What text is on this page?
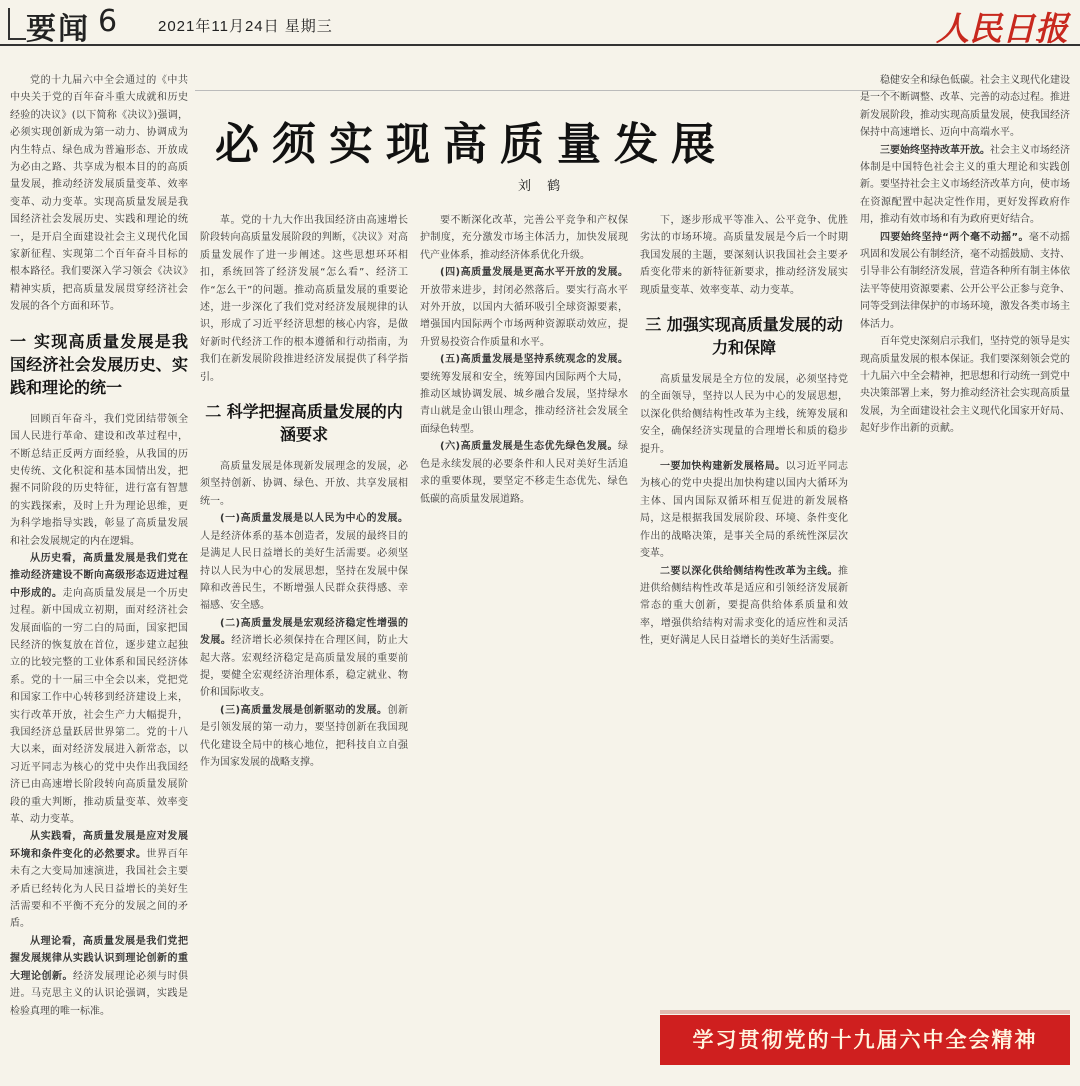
要闻 6	2021年11月24日 星期三	人民日报
必须实现高质量发展
刘 鹤

党的十九届六中全会通过的《中共中央关于党的百年奋斗重大成就和历史经验的决议》(以下简称《决议》)强调，必须实现创新成为第一动力、协调成为内生特点、绿色成为普遍形态、开放成为必由之路、共享成为根本目的的高质量发展，推动经济发展质量变革、效率变革、动力变革。实现高质量发展是我国经济社会发展历史、实践和理论的统一，是开启全面建设社会主义现代化国家新征程、实现第二个百年奋斗目标的根本路径。我们要深入学习领会《决议》精神实质，把高质量发展贯穿经济社会发展的各个方面和环节。

一 实现高质量发展是我国经济社会发展历史、实践和理论的统一

回顾百年奋斗，我们党团结带领全国人民进行革命、建设和改革过程中，不断总结正反两方面经验，从我国的历史传统、文化积淀和基本国情出发，把握不同阶段的历史特征，进行富有智慧的实践探索，及时上升为理论思维，更为科学地指导实践，彰显了高质量发展和社会发展规定的内在逻辑。

从历史看，高质量发展是我们党在推动经济建设不断向高级形态迈进过程中形成的。走向高质量发展是一个历史过程。新中国成立初期，面对经济社会发展面临的一穷二白的局面，国家把国民经济的恢复放在首位，逐步建立起独立的比较完整的工业体系和国民经济体系。党的十一届三中全会以来，党把党和国家工作中心转移到经济建设上来，实行改革开放，社会生产力大幅提升，我国经济总量跃居世界第二。党的十八大以来，面对经济发展进入新常态，以习近平同志为核心的党中央作出我国经济已由高速增长阶段转向高质量发展阶段的重大判断，推动质量变革、效率变革、动力变革。

从实践看，高质量发展是应对发展环境和条件变化的必然要求。世界百年未有之大变局加速演进，我国社会主要矛盾已经转化为人民日益增长的美好生活需要和不平衡不充分的发展之间的矛盾。

从理论看，高质量发展是我们党把握发展规律从实践认识到理论创新的重大理论创新。经济发展理论必须与时俱进。马克思主义的认识论强调，实践是检验真理的唯一标准。

革。党的十九大作出我国经济由高速增长阶段转向高质量发展阶段的判断，《决议》对高质量发展作了进一步阐述。这些思想环环相扣，系统回答了经济发展“怎么看”、经济工作“怎么干”的问题。推动高质量发展的重要论述，进一步深化了我们党对经济发展规律的认识，形成了习近平经济思想的核心内容，是做好新时代经济工作的根本遵循和行动指南，为我们在新发展阶段推进经济发展提供了科学指引。

二 科学把握高质量发展的内涵要求

高质量发展是体现新发展理念的发展，必须坚持创新、协调、绿色、开放、共享发展相统一。

(一)高质量发展是以人民为中心的发展。人是经济体系的基本创造者，发展的最终目的是满足人民日益增长的美好生活需要。必须坚持以人民为中心的发展思想，坚持在发展中保障和改善民生，不断增强人民群众获得感、幸福感、安全感。

(二)高质量发展是宏观经济稳定性增强的发展。经济增长必须保持在合理区间，防止大起大落。宏观经济稳定是高质量发展的重要前提，要健全宏观经济治理体系，稳定就业、物价和国际收支。

(三)高质量发展是创新驱动的发展。创新是引领发展的第一动力，要坚持创新在我国现代化建设全局中的核心地位，把科技自立自强作为国家发展的战略支撑。

要不断深化改革，完善公平竞争和产权保护制度，充分激发市场主体活力，加快发展现代产业体系，推动经济体系优化升级。

(四)高质量发展是更高水平开放的发展。开放带来进步，封闭必然落后。要实行高水平对外开放，以国内大循环吸引全球资源要素，增强国内国际两个市场两种资源联动效应，提升贸易投资合作质量和水平。

(五)高质量发展是坚持系统观念的发展。要统筹发展和安全，统筹国内国际两个大局，推动区域协调发展、城乡融合发展，坚持绿水青山就是金山银山理念，推动经济社会发展全面绿色转型。

(六)高质量发展是生态优先绿色发展。绿色是永续发展的必要条件和人民对美好生活追求的重要体现，要坚定不移走生态优先、绿色低碳的高质量发展道路。

下，逐步形成平等准入、公平竞争、优胜劣汰的市场环境。高质量发展是今后一个时期我国发展的主题，要深刻认识我国社会主要矛盾变化带来的新特征新要求，推动经济发展实现质量变革、效率变革、动力变革。

三 加强实现高质量发展的动力和保障

高质量发展是全方位的发展，必须坚持党的全面领导，坚持以人民为中心的发展思想，以深化供给侧结构性改革为主线，统筹发展和安全，确保经济实现量的合理增长和质的稳步提升。

一要加快构建新发展格局。以习近平同志为核心的党中央提出加快构建以国内大循环为主体、国内国际双循环相互促进的新发展格局，这是根据我国发展阶段、环境、条件变化作出的战略决策，是事关全局的系统性深层次变革。

二要以深化供给侧结构性改革为主线。推进供给侧结构性改革是适应和引领经济发展新常态的重大创新，要提高供给体系质量和效率，增强供给结构对需求变化的适应性和灵活性，更好满足人民日益增长的美好生活需要。

稳健安全和绿色低碳。社会主义现代化建设是一个不断调整、改革、完善的动态过程。推进新发展阶段，推动实现高质量发展，使我国经济保持中高速增长、迈向中高端水平。

三要始终坚持改革开放。社会主义市场经济体制是中国特色社会主义的重大理论和实践创新。要坚持社会主义市场经济改革方向，使市场在资源配置中起决定性作用，更好发挥政府作用，推动有效市场和有为政府更好结合。

四要始终坚持“两个毫不动摇”。毫不动摇巩固和发展公有制经济，毫不动摇鼓励、支持、引导非公有制经济发展，营造各种所有制主体依法平等使用资源要素、公开公平公正参与竞争、同等受到法律保护的市场环境，激发各类市场主体活力。

百年党史深刻启示我们，坚持党的领导是实现高质量发展的根本保证。我们要深刻领会党的十九届六中全会精神，把思想和行动统一到党中央决策部署上来，努力推动经济社会实现高质量发展，为全面建设社会主义现代化国家开好局、起好步作出新的贡献。

学习贯彻党的十九届六中全会精神
